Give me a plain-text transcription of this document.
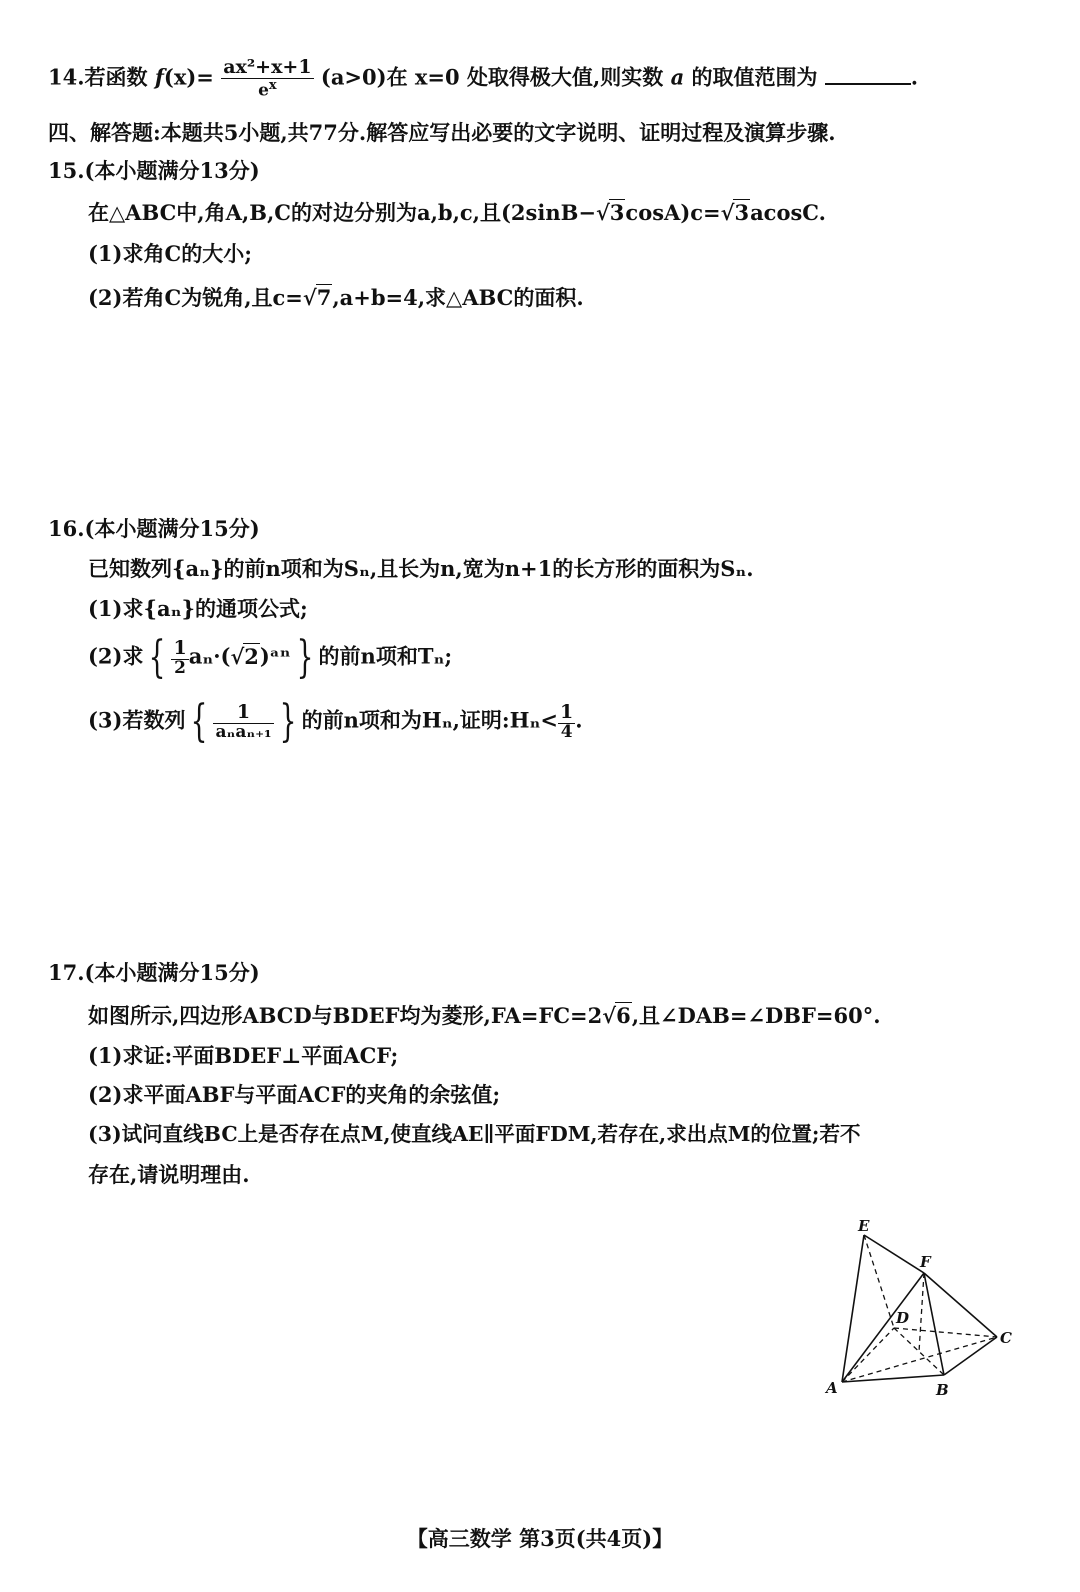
14.若函数 $f(x)= \frac{\text{ax²+x+1}}{e^x} (a>0)$在 x=0 处取得极大值,则实数 a 的取值范围为	.
四、解答题:本题共5小题,共77分.解答应写出必要的文字说明、证明过程及演算步骤.
15.(本小题满分13分)
在△ABC中,角A,B,C的对边分别为a,b,c,且(2sinB−√3cosA)c=√3acosC.
(1)求角C的大小;
(2)若角C为锐角,且c=√7,a+b=4,求△ABC的面积.
16.(本小题满分15分)
已知数列{aₙ}的前n项和为Sₙ,且长为n,宽为n+1的长方形的面积为Sₙ.
(1)求{aₙ}的通项公式;
(2)求 { $\frac{1}{2}$ aₙ·(√2)ᵃⁿ } 的前n项和Tₙ;
(3)若数列 { $\frac{1}{\text{aₙaₙ₊₁}}$ } 的前n项和为Hₙ,证明:Hₙ< $\frac{1}{4}$ .
17.(本小题满分15分)
如图所示,四边形ABCD与BDEF均为菱形,FA=FC=2√6,且∠DAB=∠DBF=60°.
(1)求证:平面BDEF⊥平面ACF;
(2)求平面ABF与平面ACF的夹角的余弦值;
(3)试问直线BC上是否存在点M,使直线AE∥平面FDM,若存在,求出点M的位置;若不
存在,请说明理由.
E
F
D
C
A	B
【高三数学 第3页(共4页)】
